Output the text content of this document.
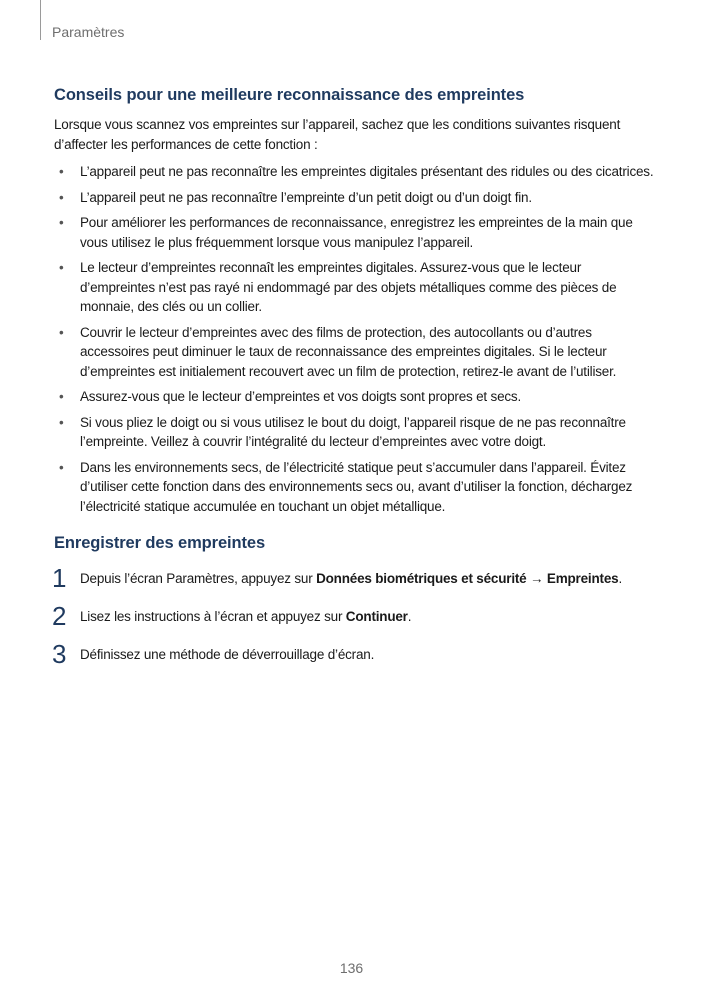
Paramètres
Conseils pour une meilleure reconnaissance des empreintes

Lorsque vous scannez vos empreintes sur l’appareil, sachez que les conditions suivantes risquent d’affecter les performances de cette fonction :

• L’appareil peut ne pas reconnaître les empreintes digitales présentant des ridules ou des cicatrices.
• L’appareil peut ne pas reconnaître l’empreinte d’un petit doigt ou d’un doigt fin.
• Pour améliorer les performances de reconnaissance, enregistrez les empreintes de la main que vous utilisez le plus fréquemment lorsque vous manipulez l’appareil.
• Le lecteur d’empreintes reconnaît les empreintes digitales. Assurez-vous que le lecteur d’empreintes n’est pas rayé ni endommagé par des objets métalliques comme des pièces de monnaie, des clés ou un collier.
• Couvrir le lecteur d’empreintes avec des films de protection, des autocollants ou d’autres accessoires peut diminuer le taux de reconnaissance des empreintes digitales. Si le lecteur d’empreintes est initialement recouvert avec un film de protection, retirez-le avant de l’utiliser.
• Assurez-vous que le lecteur d’empreintes et vos doigts sont propres et secs.
• Si vous pliez le doigt ou si vous utilisez le bout du doigt, l’appareil risque de ne pas reconnaître l’empreinte. Veillez à couvrir l’intégralité du lecteur d’empreintes avec votre doigt.
• Dans les environnements secs, de l’électricité statique peut s’accumuler dans l’appareil. Évitez d’utiliser cette fonction dans des environnements secs ou, avant d’utiliser la fonction, déchargez l’électricité statique accumulée en touchant un objet métallique.
Enregistrer des empreintes
1 Depuis l’écran Paramètres, appuyez sur Données biométriques et sécurité → Empreintes.
2 Lisez les instructions à l’écran et appuyez sur Continuer.
3 Définissez une méthode de déverrouillage d’écran.
136
